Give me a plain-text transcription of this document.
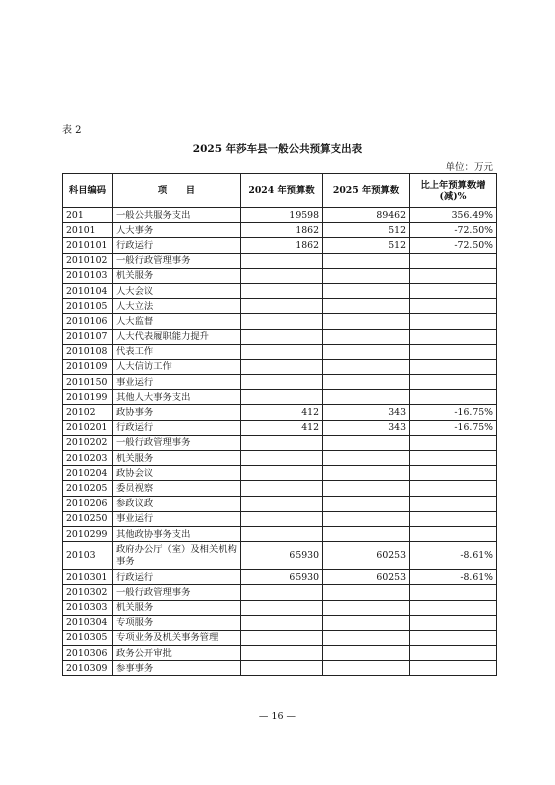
表 2
2025 年莎车县一般公共预算支出表
单位：万元
科目编码	项　　目	2024 年预算数	2025 年预算数	比上年预算数增(减)%
201	一般公共服务支出	19598	89462	356.49%
20101	人大事务	1862	512	-72.50%
2010101	行政运行	1862	512	-72.50%
2010102	一般行政管理事务			
2010103	机关服务			
2010104	人大会议			
2010105	人大立法			
2010106	人大监督			
2010107	人大代表履职能力提升			
2010108	代表工作			
2010109	人大信访工作			
2010150	事业运行			
2010199	其他人大事务支出			
20102	政协事务	412	343	-16.75%
2010201	行政运行	412	343	-16.75%
2010202	一般行政管理事务			
2010203	机关服务			
2010204	政协会议			
2010205	委员视察			
2010206	参政议政			
2010250	事业运行			
2010299	其他政协事务支出			
20103	政府办公厅（室）及相关机构事务	65930	60253	-8.61%
2010301	行政运行	65930	60253	-8.61%
2010302	一般行政管理事务			
2010303	机关服务			
2010304	专项服务			
2010305	专项业务及机关事务管理			
2010306	政务公开审批			
2010309	参事事务			
— 16 —
